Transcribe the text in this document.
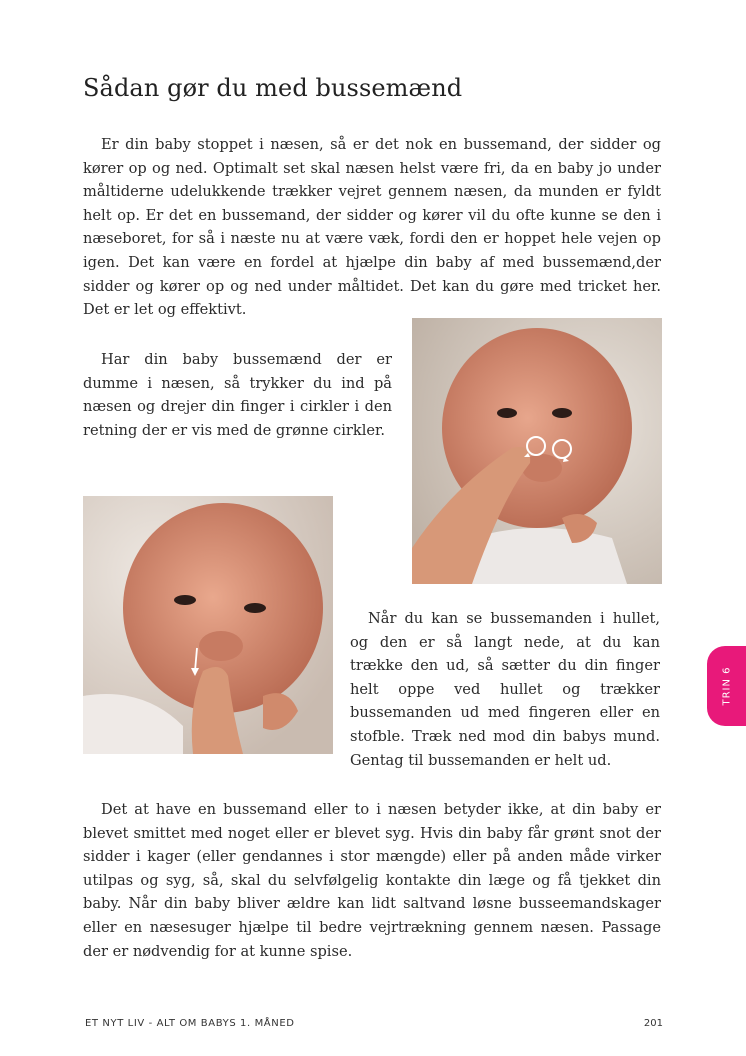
Sådan gør du med bussemænd

Er din baby stoppet i næsen, så er det nok en bussemand, der sidder og kører op og ned. Optimalt set skal næsen helst være fri, da en baby jo under måltiderne udelukkende trækker vejret gennem næsen, da munden er fyldt helt op. Er det en bussemand, der sidder og kører vil du ofte kunne se den i næseboret, for så i næste nu at være væk, fordi den er hoppet hele vejen op igen. Det kan være en fordel at hjælpe din baby af med bussemænd,der sidder og kører op og ned under måltidet. Det kan du gøre med tricket her. Det er let og effektivt.

Har din baby bussemænd der er dumme i næsen, så trykker du ind på næsen og drejer din finger i cirkler i den retning der er vis med de grønne cirkler.

Når du kan se bussemanden i hullet, og den er så langt nede, at du kan trække den ud, så sætter du din finger helt oppe ved hullet og trækker bussemanden ud med fingeren eller en stofble. Træk ned mod din babys mund. Gentag til bussemanden er helt ud.

Det at have en bussemand eller to i næsen betyder ikke, at din baby er blevet smittet med noget eller er blevet syg. Hvis din baby får grønt snot der sidder i kager (eller gendannes i stor mængde) eller på anden måde virker utilpas og syg, så, skal du selvfølgelig kontakte din læge og få tjekket din baby. Når din baby bliver ældre kan lidt saltvand løsne busseemandskager eller en næsesuger hjælpe til bedre vejrtrækning gennem næsen. Passage der er nødvendig for at kunne spise.

TRIN 6
ET NYT LIV - ALT OM BABYS 1. MÅNED	201
